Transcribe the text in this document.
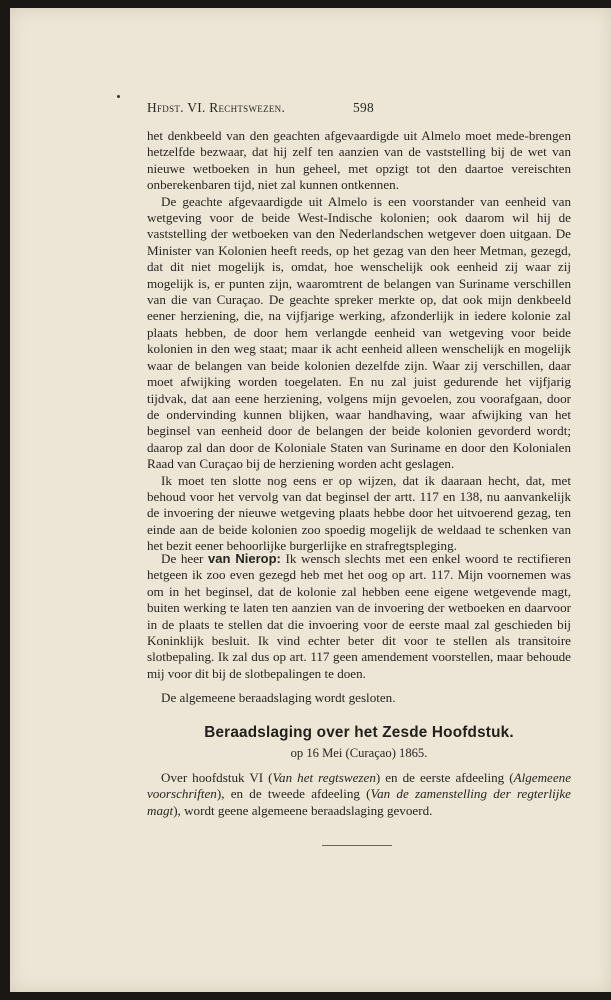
Hfdst. VI. Rechtswezen.	598

het denkbeeld van den geachten afgevaardigde uit Almelo moet mede-brengen hetzelfde bezwaar, dat hij zelf ten aanzien van de vaststelling bij de wet van nieuwe wetboeken in hun geheel, met opzigt tot den daartoe vereischten onberekenbaren tijd, niet zal kunnen ontkennen.

De geachte afgevaardigde uit Almelo is een voorstander van eenheid van wetgeving voor de beide West-Indische kolonien; ook daarom wil hij de vaststelling der wetboeken van den Nederlandschen wetgever doen uitgaan. De Minister van Kolonien heeft reeds, op het gezag van den heer Metman, gezegd, dat dit niet mogelijk is, omdat, hoe wenschelijk ook eenheid zij waar zij mogelijk is, er punten zijn, waaromtrent de belangen van Suriname verschillen van die van Curaçao. De geachte spreker merkte op, dat ook mijn denkbeeld eener herziening, die, na vijfjarige werking, afzonderlijk in iedere kolonie zal plaats hebben, de door hem verlangde eenheid van wetgeving voor beide kolonien in den weg staat; maar ik acht eenheid alleen wenschelijk en mogelijk waar de belangen van beide kolonien dezelfde zijn. Waar zij verschillen, daar moet afwijking worden toegelaten. En nu zal juist gedurende het vijfjarig tijdvak, dat aan eene herziening, volgens mijn gevoelen, zou voorafgaan, door de ondervinding kunnen blijken, waar handhaving, waar afwijking van het beginsel van eenheid door de belangen der beide kolonien gevorderd wordt; daarop zal dan door de Koloniale Staten van Suriname en door den Kolonialen Raad van Curaçao bij de herziening worden acht geslagen.

Ik moet ten slotte nog eens er op wijzen, dat ik daaraan hecht, dat, met behoud voor het vervolg van dat beginsel der artt. 117 en 138, nu aanvankelijk de invoering der nieuwe wetgeving plaats hebbe door het uitvoerend gezag, ten einde aan de beide kolonien zoo spoedig mogelijk de weldaad te schenken van het bezit eener behoorlijke burgerlijke en strafregtspleging.

De heer van Nierop: Ik wensch slechts met een enkel woord te rectifieren hetgeen ik zoo even gezegd heb met het oog op art. 117. Mijn voornemen was om in het beginsel, dat de kolonie zal hebben eene eigene wetgevende magt, buiten werking te laten ten aanzien van de invoering der wetboeken en daarvoor in de plaats te stellen dat die invoering voor de eerste maal zal geschieden bij Koninklijk besluit. Ik vind echter beter dit voor te stellen als transitoire slotbepaling. Ik zal dus op art. 117 geen amendement voorstellen, maar behoude mij voor dit bij de slotbepalingen te doen.

De algemeene beraadslaging wordt gesloten.

Beraadslaging over het Zesde Hoofdstuk.
op 16 Mei (Curaçao) 1865.

Over hoofdstuk VI (Van het regtswezen) en de eerste afdeeling (Algemeene voorschriften), en de tweede afdeeling (Van de zamenstelling der regterlijke magt), wordt geene algemeene beraadslaging gevoerd.
